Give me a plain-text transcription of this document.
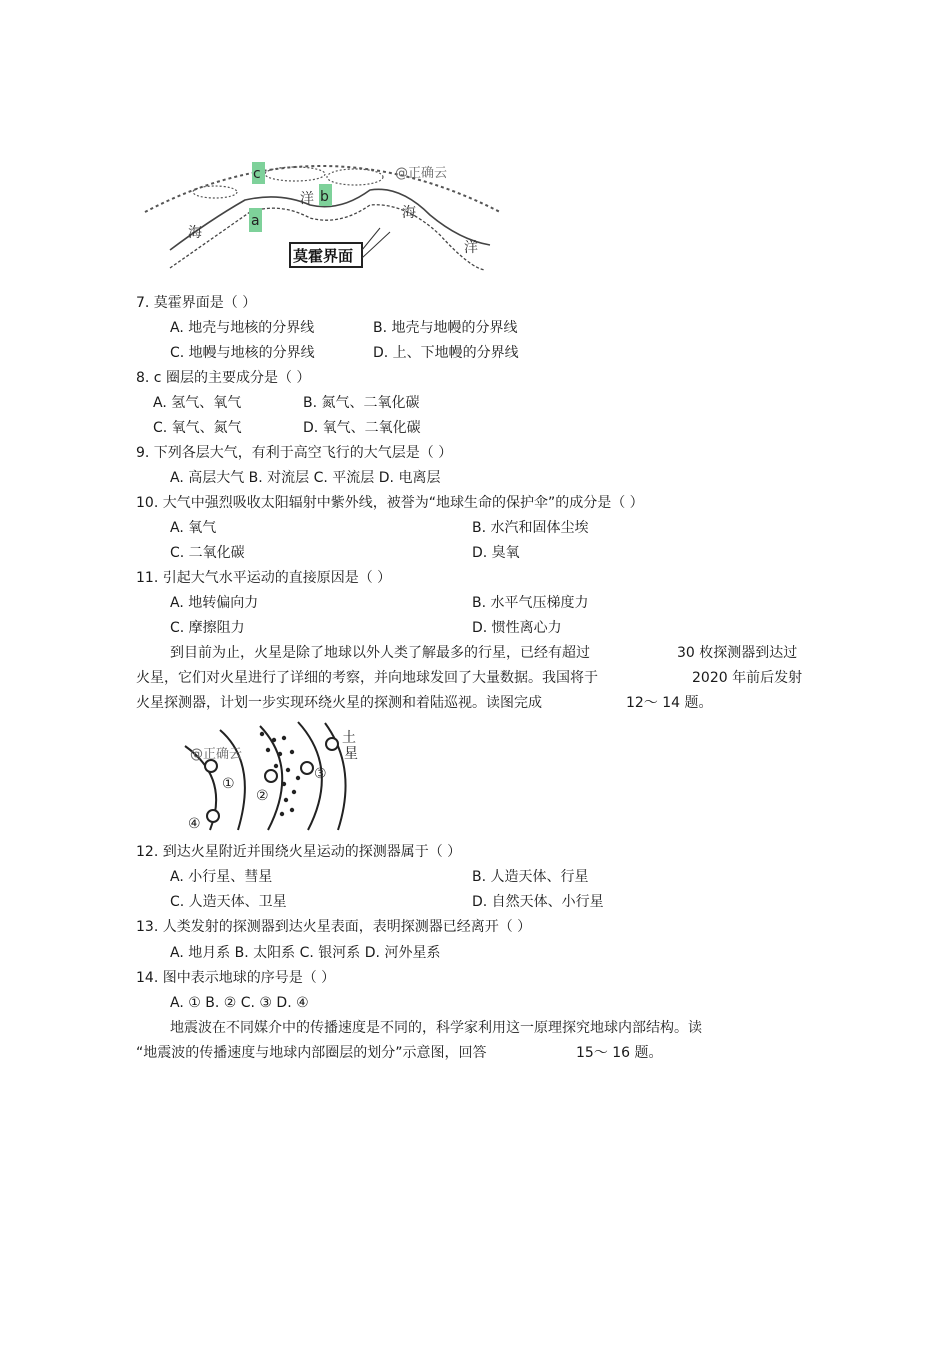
c
b
a
@正确云
海
洋
海
洋
莫霍界面
7. 莫霍界面是（ ）
A. 地壳与地核的分界线	B. 地壳与地幔的分界线
C. 地幔与地核的分界线	D. 上、下地幔的分界线
8. c 圈层的主要成分是（ ）
A. 氢气、氧气	B. 氮气、二氧化碳
C. 氧气、氮气	D. 氧气、二氧化碳
9. 下列各层大气，有利于高空飞行的大气层是（ ）
A. 高层大气 B. 对流层 C. 平流层 D. 电离层
10. 大气中强烈吸收太阳辐射中紫外线，被誉为“地球生命的保护伞”的成分是（ ）
A. 氧气	B. 水汽和固体尘埃
C. 二氧化碳	D. 臭氧
11. 引起大气水平运动的直接原因是（ ）
A. 地转偏向力	B. 水平气压梯度力
C. 摩擦阻力	D. 惯性离心力
到目前为止，火星是除了地球以外人类了解最多的行星，已经有超过	30 枚探测器到达过
火星，它们对火星进行了详细的考察，并向地球发回了大量数据。我国将于	2020 年前后发射
火星探测器，计划一步实现环绕火星的探测和着陆巡视。读图完成	12～ 14 题。
@正确云
①
②
③
④
土
星
12. 到达火星附近并围绕火星运动的探测器属于（ ）
A. 小行星、彗星	B. 人造天体、行星
C. 人造天体、卫星	D. 自然天体、小行星
13. 人类发射的探测器到达火星表面，表明探测器已经离开（ ）
A. 地月系 B. 太阳系 C. 银河系 D. 河外星系
14. 图中表示地球的序号是（ ）
A. ① B. ② C. ③ D. ④
地震波在不同媒介中的传播速度是不同的，科学家利用这一原理探究地球内部结构。读
“地震波的传播速度与地球内部圈层的划分”示意图，回答	15～ 16 题。
